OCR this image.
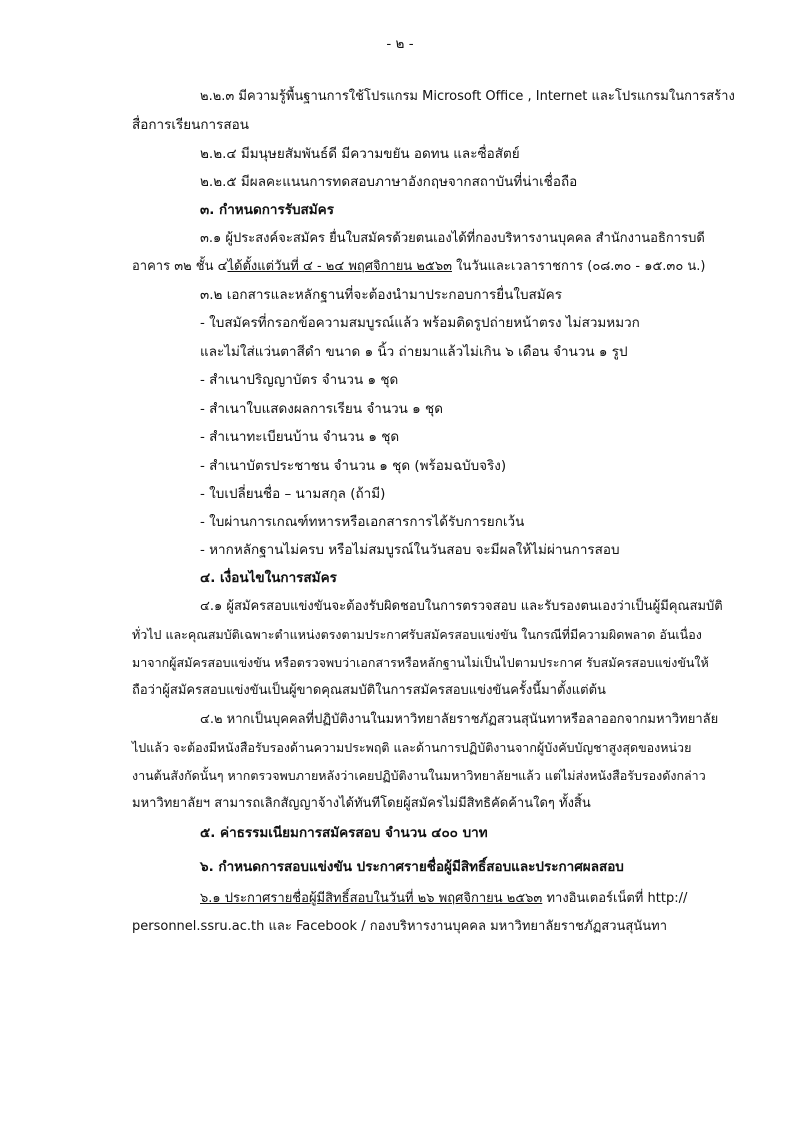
- ๒ -
๒.๒.๓ มีความรู้พื้นฐานการใช้โปรแกรม Microsoft Office , Internet และโปรแกรมในการสร้าง
สื่อการเรียนการสอน
๒.๒.๔ มีมนุษยสัมพันธ์ดี มีความขยัน อดทน และซื่อสัตย์
๒.๒.๕ มีผลคะแนนการทดสอบภาษาอังกฤษจากสถาบันที่น่าเชื่อถือ
๓. กำหนดการรับสมัคร
๓.๑ ผู้ประสงค์จะสมัคร ยื่นใบสมัครด้วยตนเองได้ที่กองบริหารงานบุคคล สำนักงานอธิการบดี
อาคาร ๓๒ ชั้น ๔ได้ตั้งแต่วันที่ ๔ - ๒๔ พฤศจิกายน ๒๕๖๓ ในวันและเวลาราชการ (๐๘.๓๐ - ๑๕.๓๐ น.)
๓.๒ เอกสารและหลักฐานที่จะต้องนำมาประกอบการยื่นใบสมัคร
- ใบสมัครที่กรอกข้อความสมบูรณ์แล้ว พร้อมติดรูปถ่ายหน้าตรง ไม่สวมหมวก
และไม่ใส่แว่นตาสีดำ ขนาด ๑ นิ้ว ถ่ายมาแล้วไม่เกิน ๖ เดือน จำนวน ๑ รูป
- สำเนาปริญญาบัตร จำนวน ๑ ชุด
- สำเนาใบแสดงผลการเรียน จำนวน ๑ ชุด
- สำเนาทะเบียนบ้าน จำนวน ๑ ชุด
- สำเนาบัตรประชาชน จำนวน ๑ ชุด (พร้อมฉบับจริง)
- ใบเปลี่ยนชื่อ – นามสกุล (ถ้ามี)
- ใบผ่านการเกณฑ์ทหารหรือเอกสารการได้รับการยกเว้น
- หากหลักฐานไม่ครบ หรือไม่สมบูรณ์ในวันสอบ จะมีผลให้ไม่ผ่านการสอบ
๔. เงื่อนไขในการสมัคร
๔.๑ ผู้สมัครสอบแข่งขันจะต้องรับผิดชอบในการตรวจสอบ และรับรองตนเองว่าเป็นผู้มีคุณสมบัติ
ทั่วไป และคุณสมบัติเฉพาะตำแหน่งตรงตามประกาศรับสมัครสอบแข่งขัน ในกรณีที่มีความผิดพลาด อันเนื่อง
มาจากผู้สมัครสอบแข่งขัน หรือตรวจพบว่าเอกสารหรือหลักฐานไม่เป็นไปตามประกาศ รับสมัครสอบแข่งขันให้
ถือว่าผู้สมัครสอบแข่งขันเป็นผู้ขาดคุณสมบัติในการสมัครสอบแข่งขันครั้งนี้มาตั้งแต่ต้น
๔.๒ หากเป็นบุคคลที่ปฏิบัติงานในมหาวิทยาลัยราชภัฏสวนสุนันทาหรือลาออกจากมหาวิทยาลัย
ไปแล้ว จะต้องมีหนังสือรับรองด้านความประพฤติ และด้านการปฏิบัติงานจากผู้บังคับบัญชาสูงสุดของหน่วย
งานต้นสังกัดนั้นๆ หากตรวจพบภายหลังว่าเคยปฏิบัติงานในมหาวิทยาลัยฯแล้ว แต่ไม่ส่งหนังสือรับรองดังกล่าว
มหาวิทยาลัยฯ สามารถเลิกสัญญาจ้างได้ทันทีโดยผู้สมัครไม่มีสิทธิคัดค้านใดๆ ทั้งสิ้น
๕. ค่าธรรมเนียมการสมัครสอบ จำนวน ๔๐๐ บาท
๖. กำหนดการสอบแข่งขัน ประกาศรายชื่อผู้มีสิทธิ์สอบและประกาศผลสอบ
๖.๑ ประกาศรายชื่อผู้มีสิทธิ์สอบในวันที่ ๒๖ พฤศจิกายน ๒๕๖๓ ทางอินเตอร์เน็ตที่ http://
personnel.ssru.ac.th และ Facebook / กองบริหารงานบุคคล มหาวิทยาลัยราชภัฏสวนสุนันทา
